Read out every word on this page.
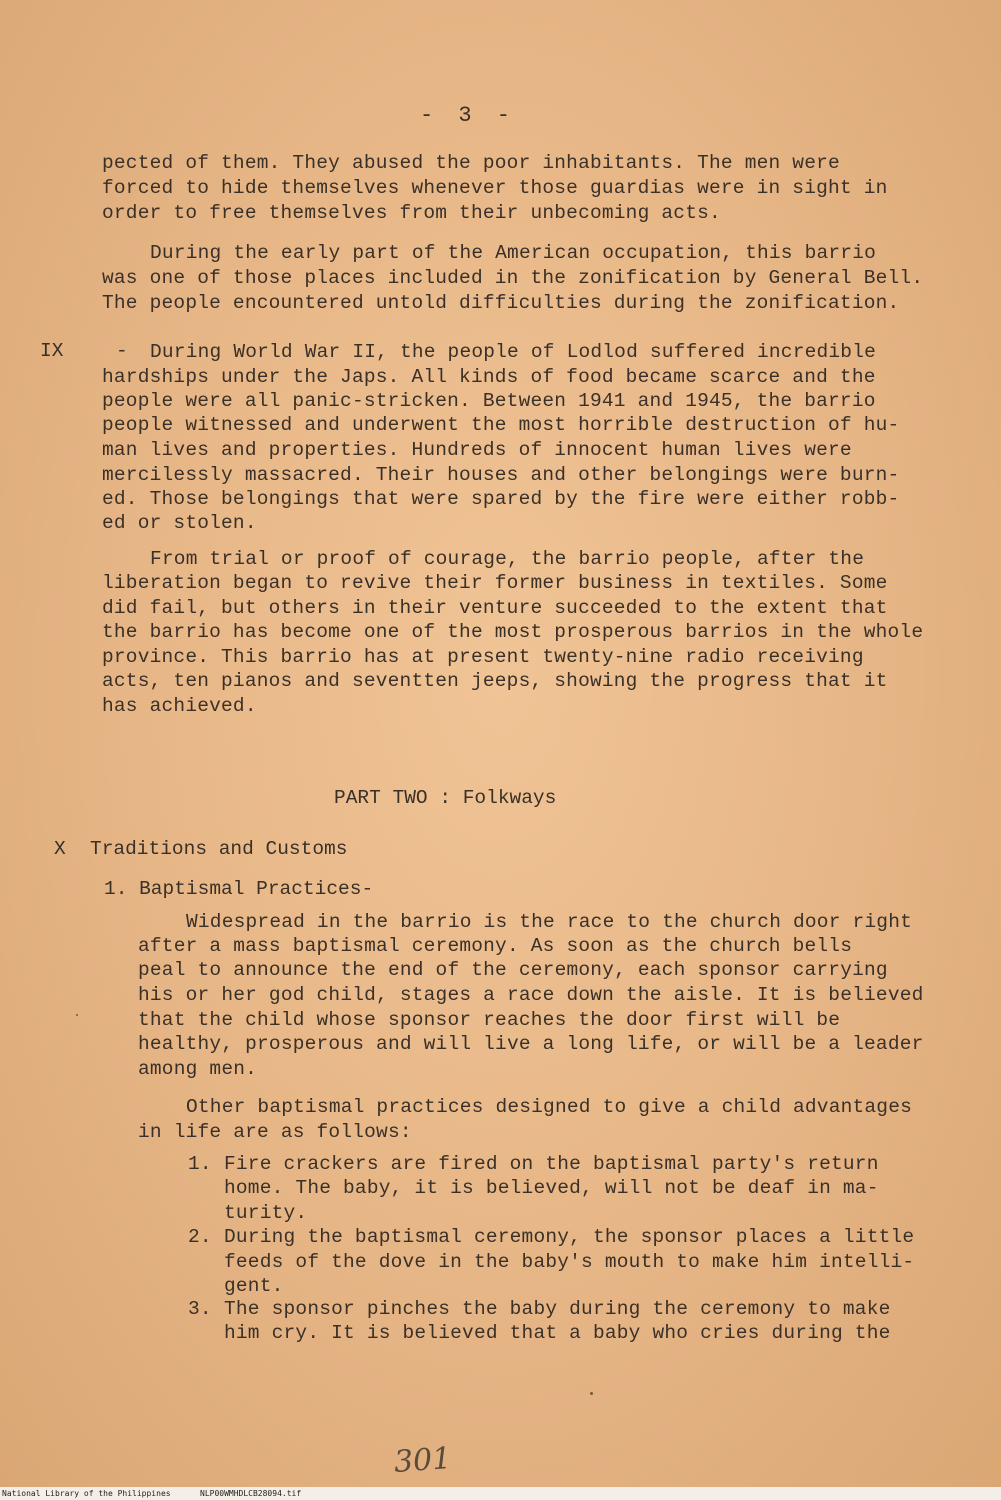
- 3 -
pected of them. They abused the poor inhabitants. The men were
forced to hide themselves whenever those guardias were in sight in
order to free themselves from their unbecoming acts.
During the early part of the American occupation, this barrio
was one of those places included in the zonification by General Bell.
The people encountered untold difficulties during the zonification.
IX	- During World War II, the people of Lodlod suffered incredible
hardships under the Japs. All kinds of food became scarce and the
people were all panic-stricken. Between 1941 and 1945, the barrio
people witnessed and underwent the most horrible destruction of hu-
man lives and properties. Hundreds of innocent human lives were
mercilessly massacred. Their houses and other belongings were burn-
ed. Those belongings that were spared by the fire were either robb-
ed or stolen.
From trial or proof of courage, the barrio people, after the
liberation began to revive their former business in textiles. Some
did fail, but others in their venture succeeded to the extent that
the barrio has become one of the most prosperous barrios in the whole
province. This barrio has at present twenty-nine radio receiving
acts, ten pianos and seventten jeeps, showing the progress that it
has achieved.
PART TWO : Folkways
X Traditions and Customs
1. Baptismal Practices-
Widespread in the barrio is the race to the church door right
after a mass baptismal ceremony. As soon as the church bells
peal to announce the end of the ceremony, each sponsor carrying
his or her god child, stages a race down the aisle. It is believed
that the child whose sponsor reaches the door first will be
healthy, prosperous and will live a long life, or will be a leader
among men.
Other baptismal practices designed to give a child advantages
in life are as follows:
1. Fire crackers are fired on the baptismal party's return
home. The baby, it is believed, will not be deaf in ma-
turity.
2. During the baptismal ceremony, the sponsor places a little
feeds of the dove in the baby's mouth to make him intelli-
gent.
3. The sponsor pinches the baby during the ceremony to make
him cry. It is believed that a baby who cries during the
301
National Library of the Philippines	NLP00WMHDLCB28094.tif
